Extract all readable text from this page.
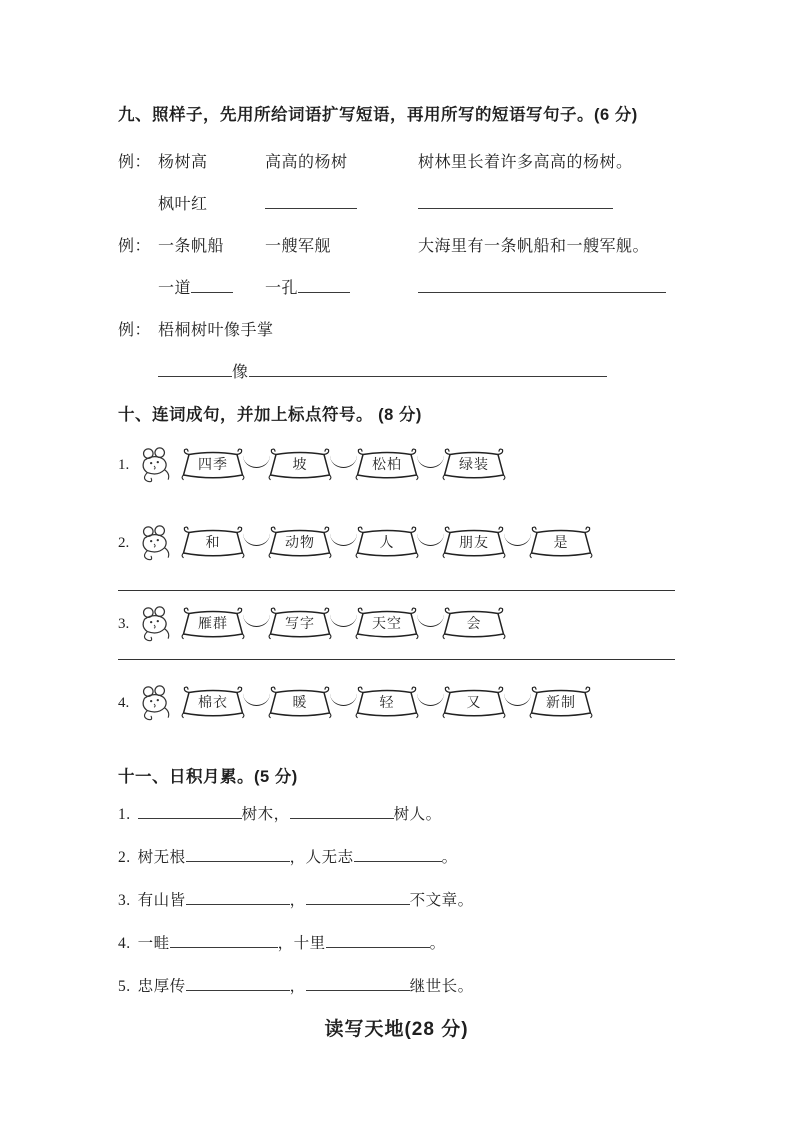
九、照样子，先用所给词语扩写短语，再用所写的短语写句子。(6 分)
例： 杨树高	高高的杨树	树林里长着许多高高的杨树。
枫叶红
例： 一条帆船	一艘军舰	大海里有一条帆船和一艘军舰。
一道	一孔
例： 梧桐树叶像手掌
像
十、连词成句，并加上标点符号。 (8 分)
1.	四季	坡	松柏	绿装
2.	和	动物	人	朋友	是
3.	雁群	写字	天空	会
4.	棉衣	暖	轻	又	新制
十一、日积月累。(5 分)
1.	树木，	树人。
2. 树无根	，人无志	。
3. 有山皆	，	不文章。
4. 一畦	，十里	。
5. 忠厚传	，	继世长。
读写天地(28 分)
